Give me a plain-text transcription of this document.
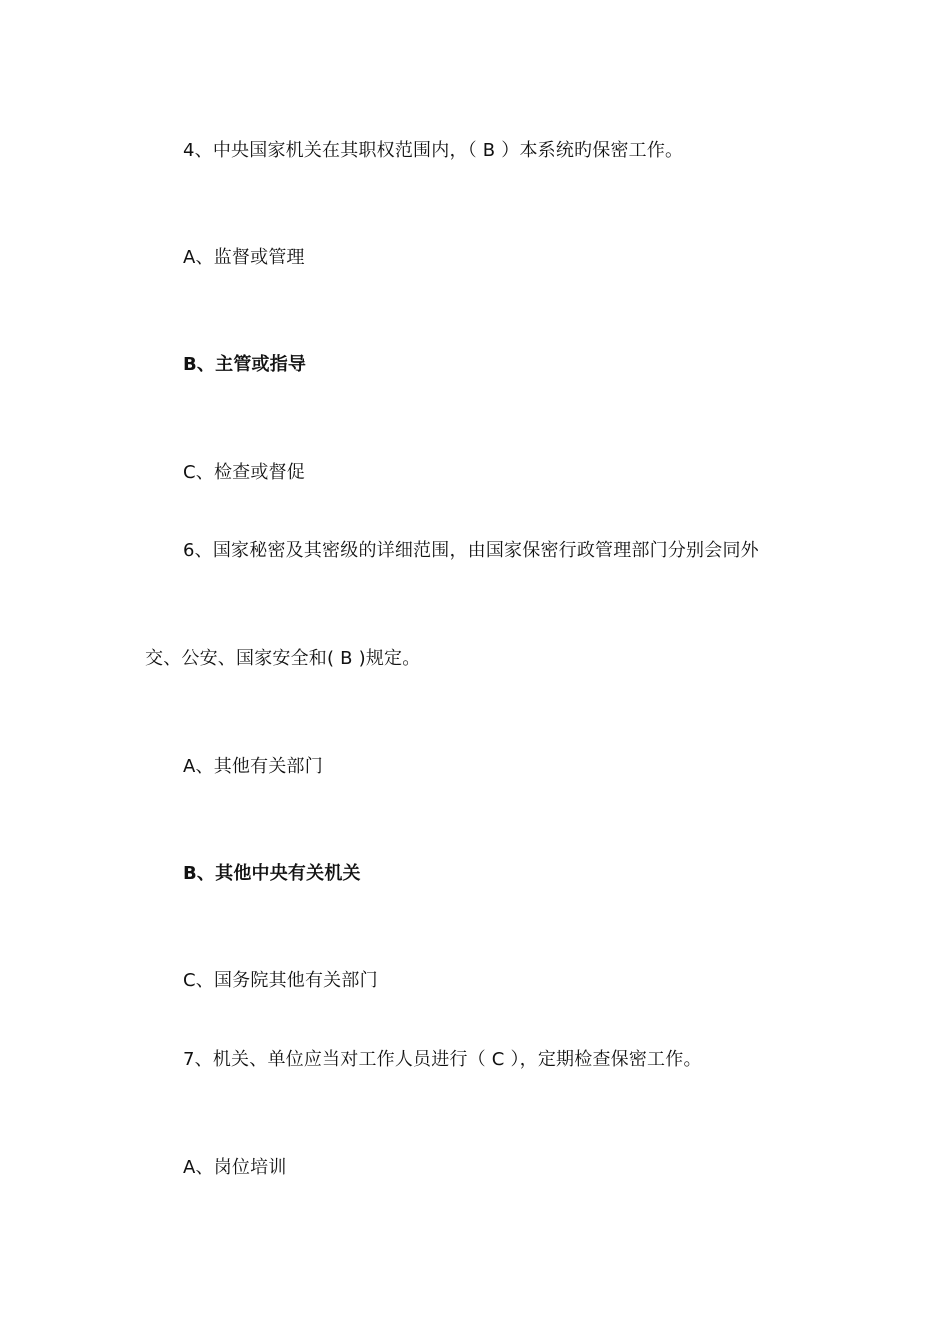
4、中央国家机关在其职权范围内，（ B ）本系统旳保密工作。
A、监督或管理
B、主管或指导
C、检查或督促
6、国家秘密及其密级的详细范围，由国家保密行政管理部门分别会同外
交、公安、国家安全和( B )规定。
A、其他有关部门
B、其他中央有关机关
C、国务院其他有关部门
7、机关、单位应当对工作人员进行（ C ），定期检查保密工作。
A、岗位培训
